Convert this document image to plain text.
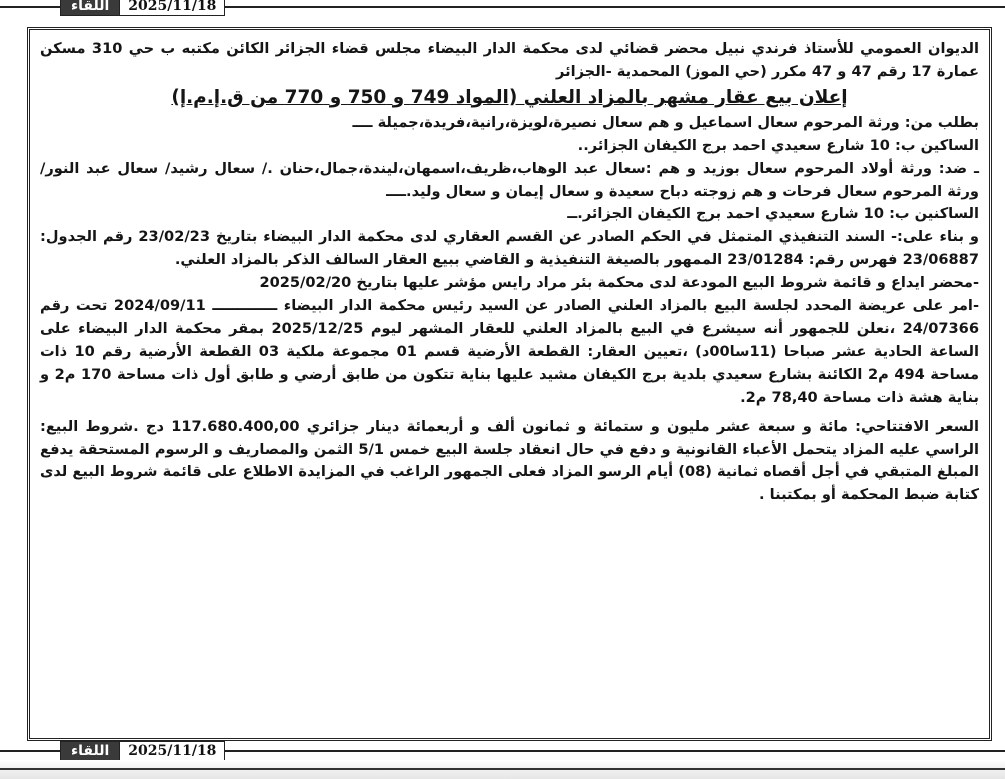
اللقاء	2025/11/18

الديوان العمومي للأستاذ فرندي نبيل محضر قضائي لدى محكمة الدار البيضاء مجلس قضاء الجزائر الكائن مكتبه ب حي 310 مسكن عمارة 17 رقم 47 و 47 مكرر (حي الموز) المحمدية -الجزائر

إعلان بيع عقار مشهر بالمزاد العلني (المواد 749 و 750 و 770 من ق.إ.م.إ)

بطلب من: ورثة المرحوم سعال اسماعيل و هم سعال نصيرة،لويزة،رانية،فريدة،جميلة ــــ

الساكين ب: 10 شارع سعيدي احمد برج الكيفان الجزائر..

ـ ضد: ورثة أولاد المرحوم سعال بوزيد و هم :سعال عبد الوهاب،ظريف،اسمهان،ليندة،جمال،حنان ./ سعال رشيد/ سعال عبد النور/ ورثة المرحوم سعال فرحات و هم زوجته دباح سعيدة و سعال إيمان و سعال وليد.ــــ

الساكنين ب: 10 شارع سعيدي احمد برج الكيفان الجزائر.ــ

و بناء على:- السند التنفيذي المتمثل في الحكم الصادر عن القسم العقاري لدى محكمة الدار البيضاء بتاريخ 23/02/23 رقم الجدول: 23/06887 فهرس رقم: 23/01284 الممهور بالصيغة التنفيذية و القاضي ببيع العقار السالف الذكر بالمزاد العلني.

-محضر ايداع و قائمة شروط البيع المودعة لدى محكمة بئر مراد رايس مؤشر عليها بتاريخ 2025/02/20

-امر على عريضة المحدد لجلسة البيع بالمزاد العلني الصادر عن السيد رئيس محكمة الدار البيضاء ـــــــــــــ 2024/09/11 تحت رقم 24/07366 ،نعلن للجمهور أنه سيشرع في البيع بالمزاد العلني للعقار المشهر ليوم 2025/12/25 بمقر محكمة الدار البيضاء على الساعة الحادية عشر صباحا (11سا00د) ،تعيين العقار: القطعة الأرضية قسم 01 مجموعة ملكية 03 القطعة الأرضية رقم 10 ذات مساحة 494 م2 الكائنة بشارع سعيدي بلدية برج الكيفان مشيد عليها بناية تتكون من طابق أرضي و طابق أول ذات مساحة 170 م2 و بناية هشة ذات مساحة 78,40 م2.

السعر الافتتاحي: مائة و سبعة عشر مليون و ستمائة و ثمانون ألف و أربعمائة دينار جزائري 117.680.400,00 دج .شروط البيع: الراسي عليه المزاد يتحمل الأعباء القانونية و دفع في حال انعقاد جلسة البيع خمس 5/1 الثمن والمصاريف و الرسوم المستحقة يدفع المبلغ المتبقي في أجل أقصاه ثمانية (08) أيام الرسو المزاد فعلى الجمهور الراغب في المزايدة الاطلاع على قائمة شروط البيع لدى كتابة ضبط المحكمة أو بمكتبنا .

اللقاء	2025/11/18
